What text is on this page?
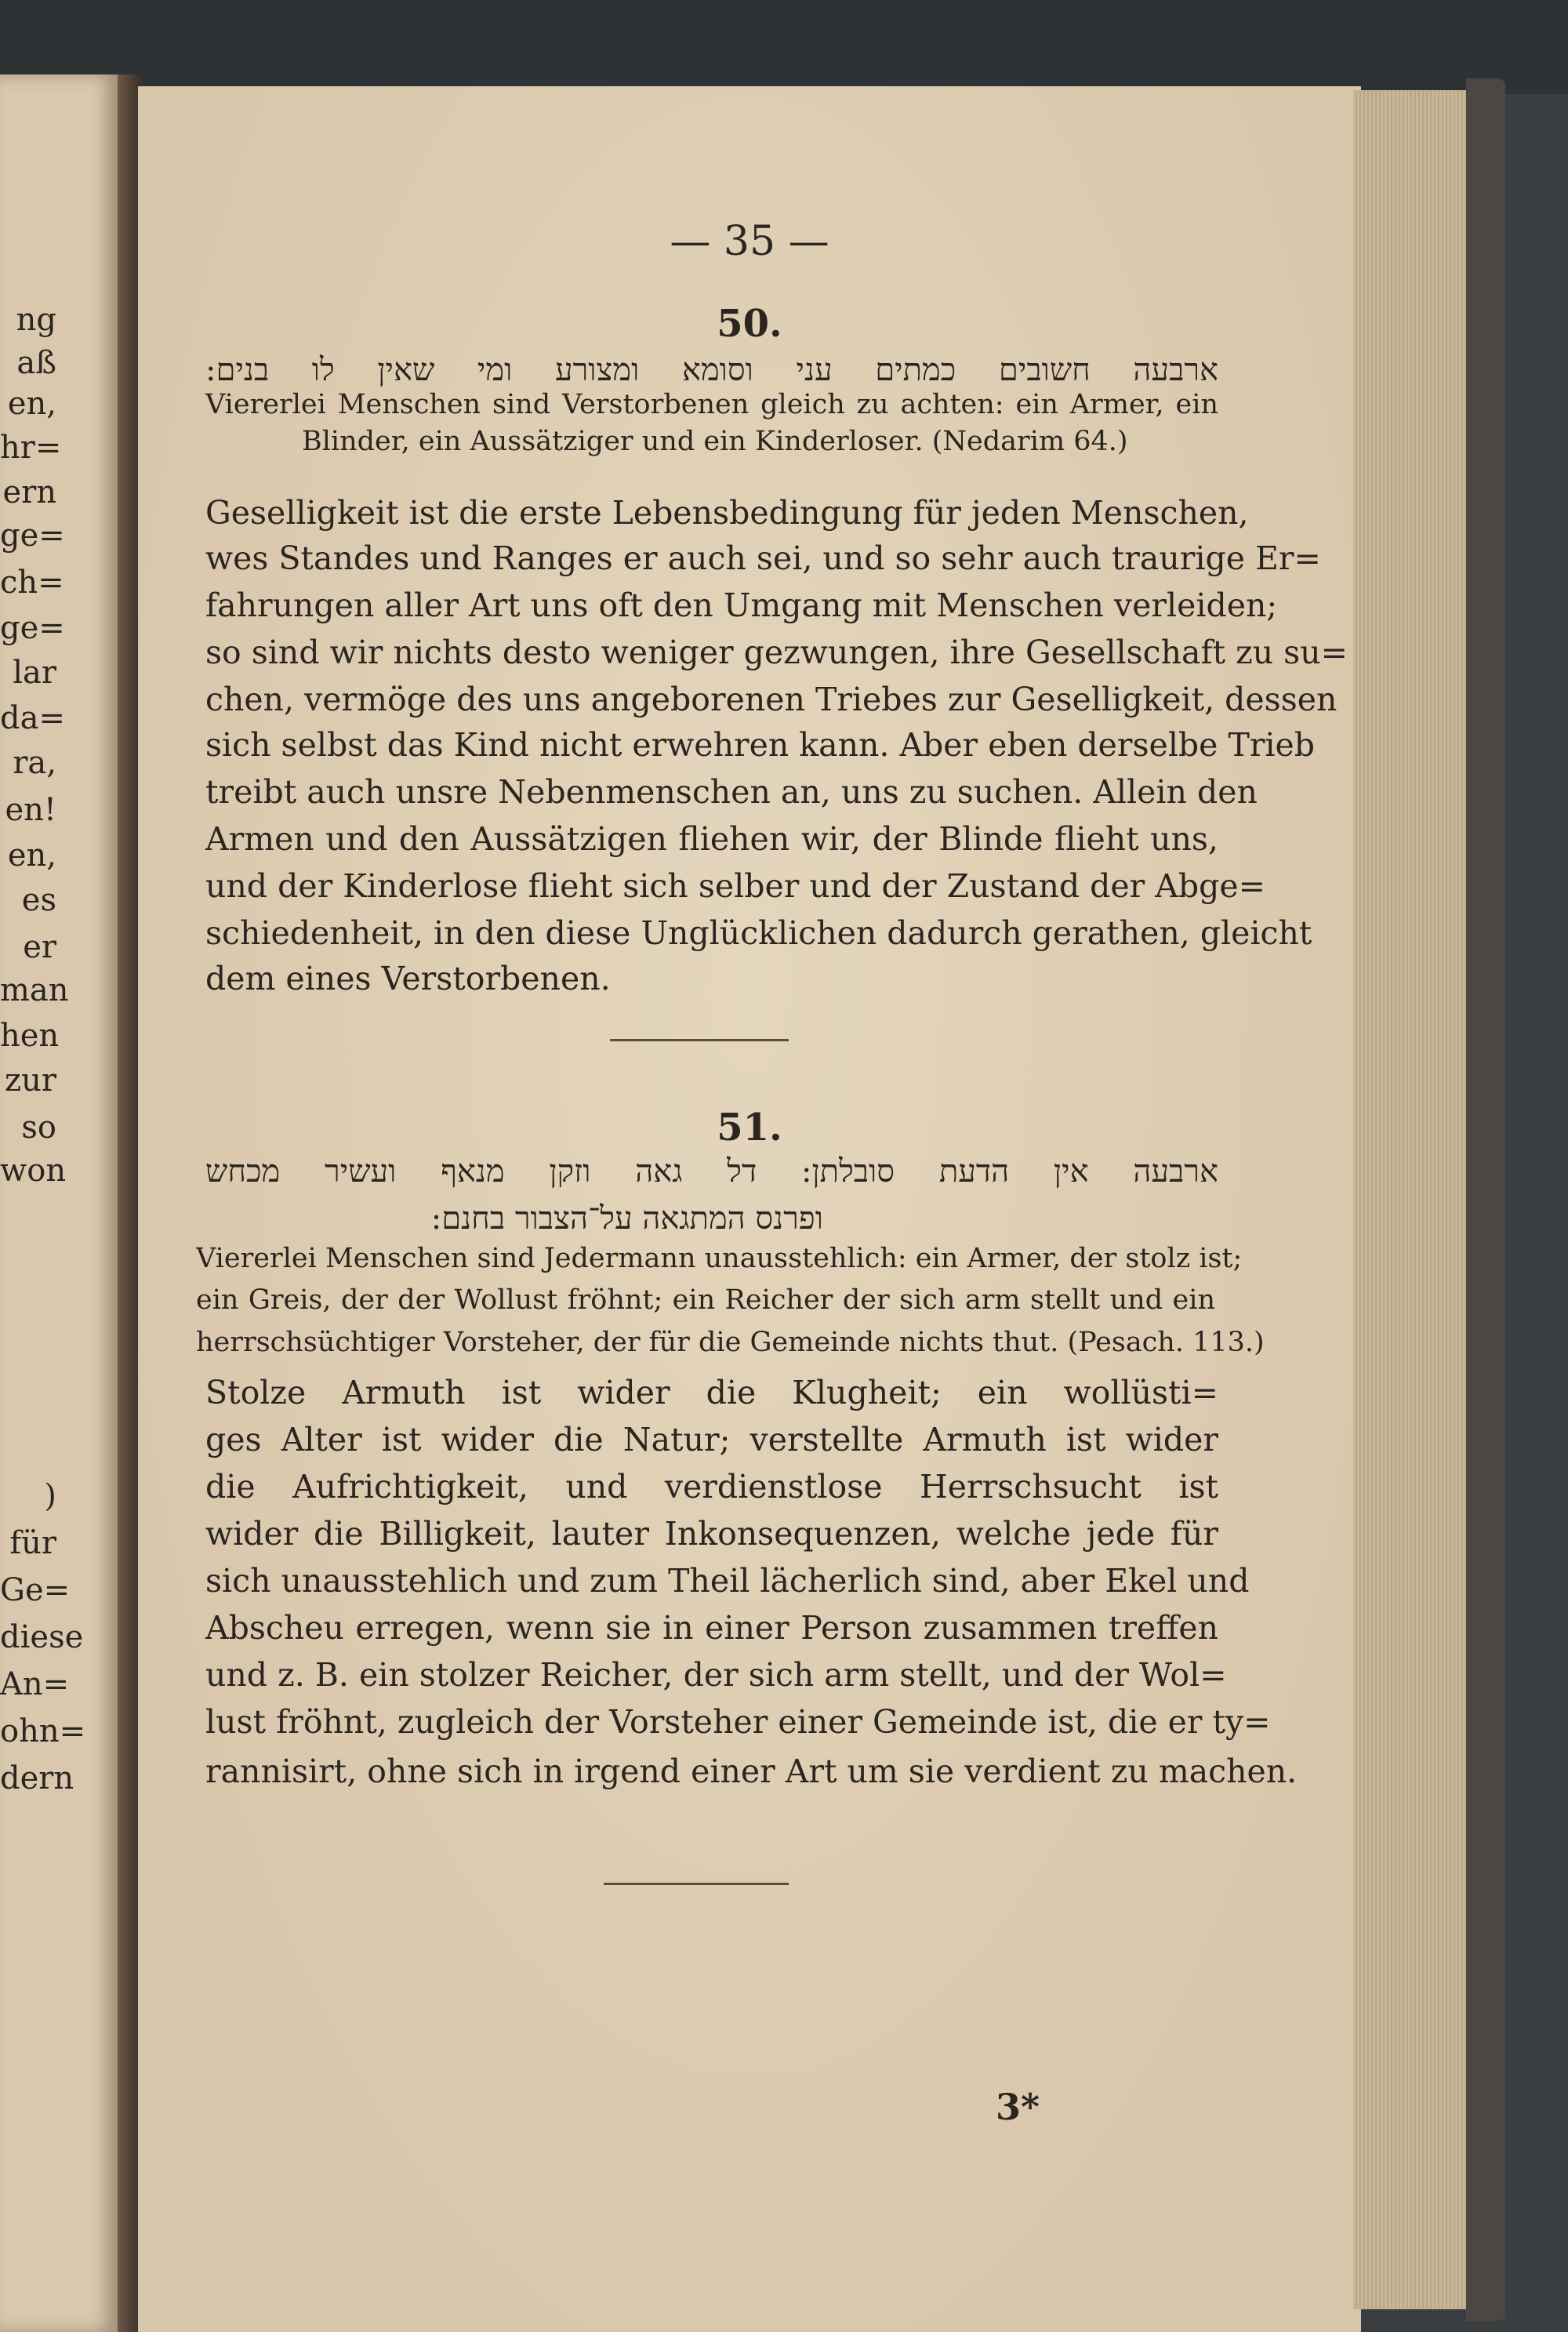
ng
aß
en,
hr=
ern
ge=
ch=
ge=
lar
da=
ra,
en!
en,
es
er
man
hen
zur
so
won
)
für
Ge=
diese
An=
ohn=
dern
— 35 —
50.
ארבעה חשובים כמתים עני וסומא ומצורע ומי שאין לו בנים:
Viererlei Menschen sind Verstorbenen gleich zu achten: ein Armer, ein
Blinder, ein Aussätziger und ein Kinderloser. (Nedarim 64.)
Geselligkeit ist die erste Lebensbedingung für jeden Menschen,
wes Standes und Ranges er auch sei, und so sehr auch traurige Er=
fahrungen aller Art uns oft den Umgang mit Menschen verleiden;
so sind wir nichts desto weniger gezwungen, ihre Gesellschaft zu su=
chen, vermöge des uns angeborenen Triebes zur Geselligkeit, dessen
sich selbst das Kind nicht erwehren kann. Aber eben derselbe Trieb
treibt auch unsre Nebenmenschen an, uns zu suchen. Allein den
Armen und den Aussätzigen fliehen wir, der Blinde flieht uns,
und der Kinderlose flieht sich selber und der Zustand der Abge=
schiedenheit, in den diese Unglücklichen dadurch gerathen, gleicht
dem eines Verstorbenen.
51.
ארבעה אין הדעת סובלתן: דל גאה וזקן מנאף ועשיר מכחש
ופרנס המתגאה על־הצבור בחנם:
Viererlei Menschen sind Jedermann unausstehlich: ein Armer, der stolz ist;
ein Greis, der der Wollust fröhnt; ein Reicher der sich arm stellt und ein
herrschsüchtiger Vorsteher, der für die Gemeinde nichts thut. (Pesach. 113.)
Stolze Armuth ist wider die Klugheit; ein wollüsti=
ges Alter ist wider die Natur; verstellte Armuth ist wider
die Aufrichtigkeit, und verdienstlose Herrschsucht ist
wider die Billigkeit, lauter Inkonsequenzen, welche jede für
sich unausstehlich und zum Theil lächerlich sind, aber Ekel und
Abscheu erregen, wenn sie in einer Person zusammen treffen
und z. B. ein stolzer Reicher, der sich arm stellt, und der Wol=
lust fröhnt, zugleich der Vorsteher einer Gemeinde ist, die er ty=
rannisirt, ohne sich in irgend einer Art um sie verdient zu machen.
3*
